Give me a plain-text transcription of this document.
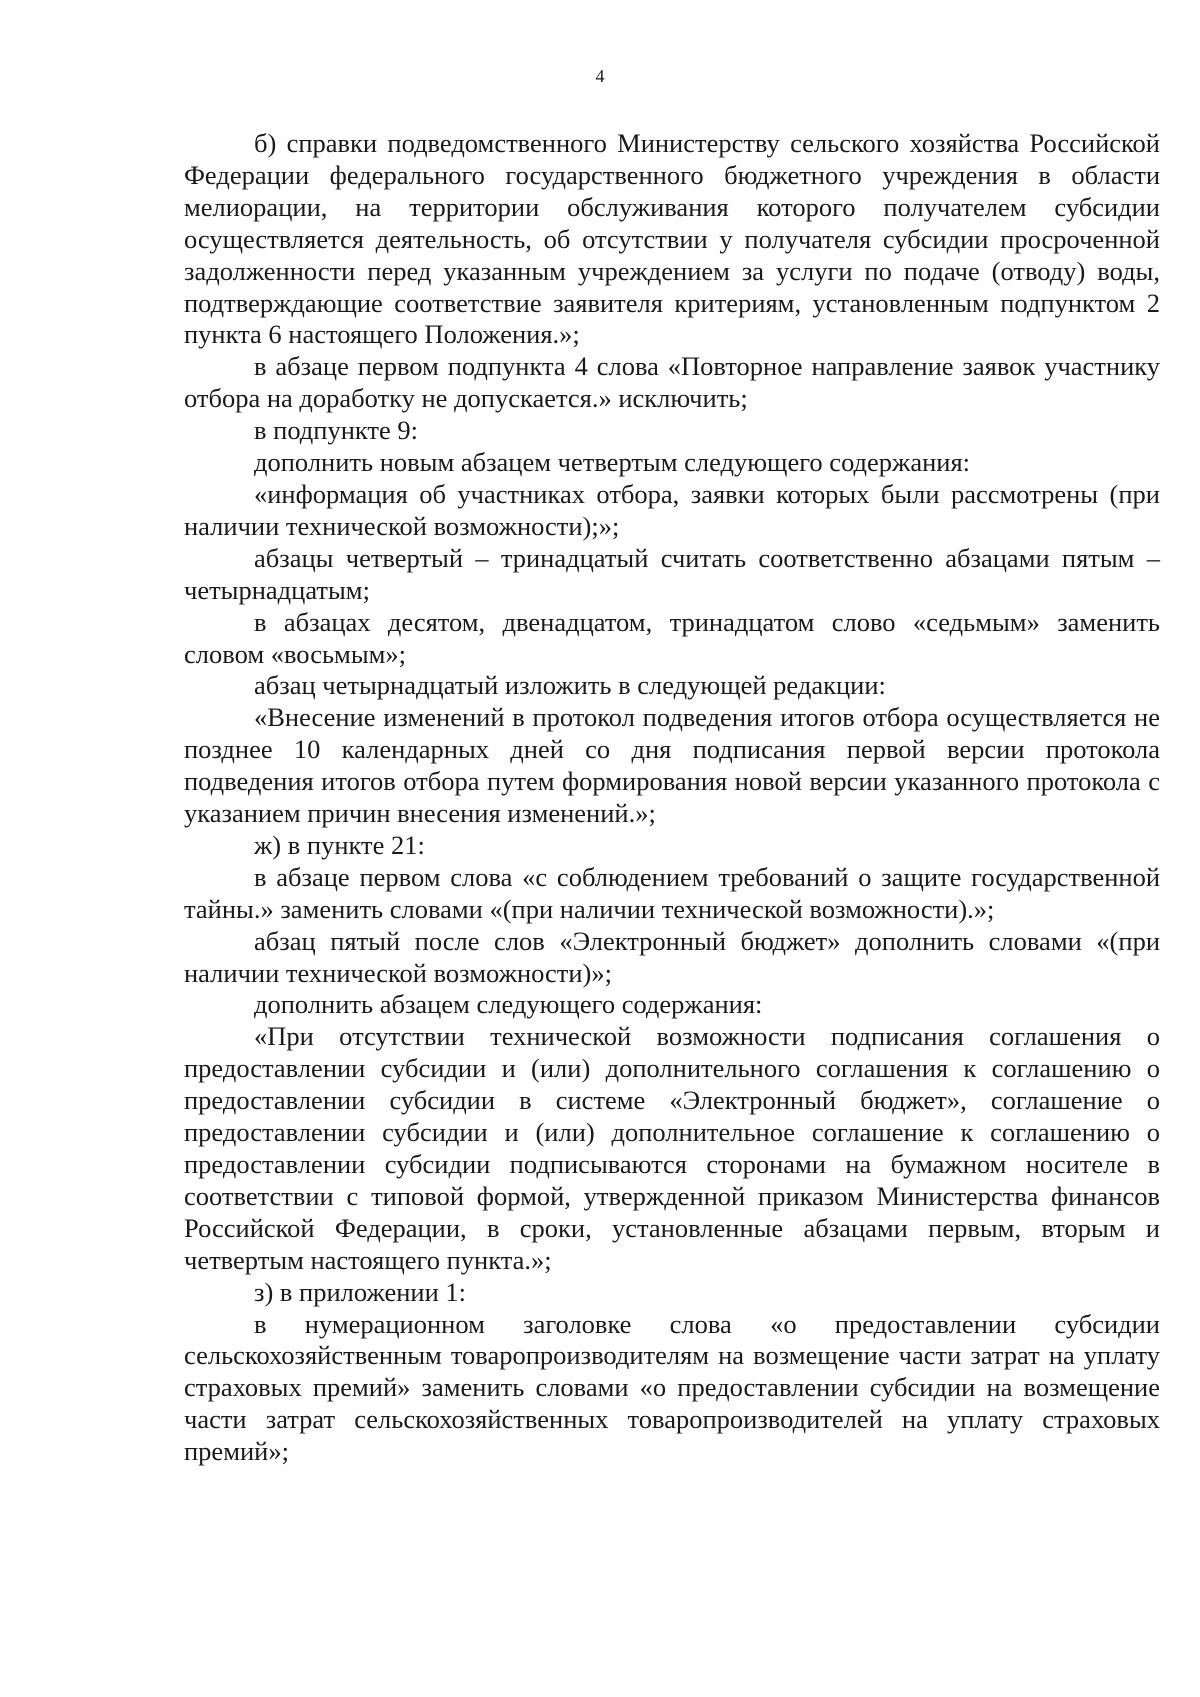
4

б) справки подведомственного Министерству сельского хозяйства Российской Федерации федерального государственного бюджетного учреждения в области мелиорации, на территории обслуживания которого получателем субсидии осуществляется деятельность, об отсутствии у получателя субсидии просроченной задолженности перед указанным учреждением за услуги по подаче (отводу) воды, подтверждающие соответствие заявителя критериям, установленным подпунктом 2 пункта 6 настоящего Положения.»;

в абзаце первом подпункта 4 слова «Повторное направление заявок участнику отбора на доработку не допускается.» исключить;

в подпункте 9:

дополнить новым абзацем четвертым следующего содержания:

«информация об участниках отбора, заявки которых были рассмотрены (при наличии технической возможности);»;

абзацы четвертый – тринадцатый считать соответственно абзацами пятым – четырнадцатым;

в абзацах десятом, двенадцатом, тринадцатом слово «седьмым» заменить словом «восьмым»;

абзац четырнадцатый изложить в следующей редакции:

«Внесение изменений в протокол подведения итогов отбора осуществляется не позднее 10 календарных дней со дня подписания первой версии протокола подведения итогов отбора путем формирования новой версии указанного протокола с указанием причин внесения изменений.»;

ж) в пункте 21:

в абзаце первом слова «с соблюдением требований о защите государственной тайны.» заменить словами «(при наличии технической возможности).»;

абзац пятый после слов «Электронный бюджет» дополнить словами «(при наличии технической возможности)»;

дополнить абзацем следующего содержания:

«При отсутствии технической возможности подписания соглашения о предоставлении субсидии и (или) дополнительного соглашения к соглашению о предоставлении субсидии в системе «Электронный бюджет», соглашение о предоставлении субсидии и (или) дополнительное соглашение к соглашению о предоставлении субсидии подписываются сторонами на бумажном носителе в соответствии с типовой формой, утвержденной приказом Министерства финансов Российской Федерации, в сроки, установленные абзацами первым, вторым и четвертым настоящего пункта.»;

з) в приложении 1:

в нумерационном заголовке слова «о предоставлении субсидии сельскохозяйственным товаропроизводителям на возмещение части затрат на уплату страховых премий» заменить словами «о предоставлении субсидии на возмещение части затрат сельскохозяйственных товаропроизводителей на уплату страховых премий»;
